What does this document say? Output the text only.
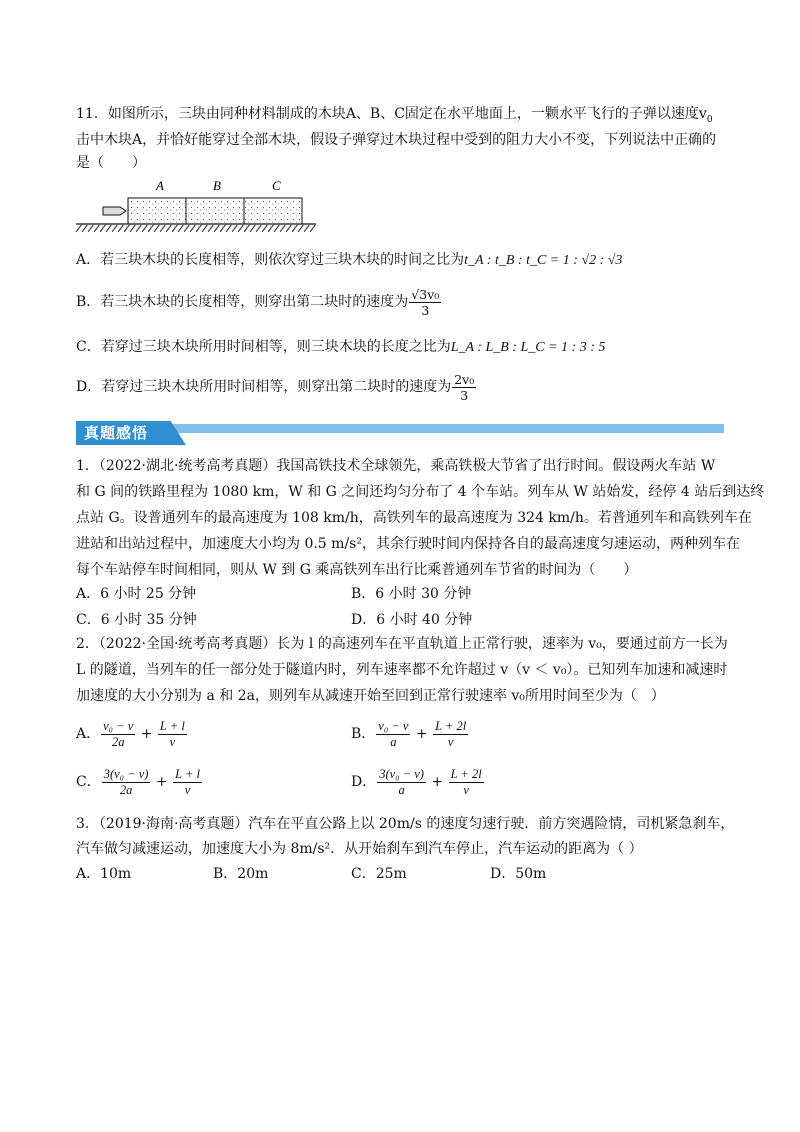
11．如图所示，三块由同种材料制成的木块A、B、C固定在水平地面上，一颗水平飞行的子弹以速度$v_0$
击中木块A，并恰好能穿过全部木块，假设子弹穿过木块过程中受到的阻力大小不变，下列说法中正确的
是（　　）
A	B	C
A．若三块木块的长度相等，则依次穿过三块木块的时间之比为t_A : t_B : t_C = 1 : √2 : √3
B．若三块木块的长度相等，则穿出第二块时的速度为 $\frac{\text{√3v₀}}{3}$
C．若穿过三块木块所用时间相等，则三块木块的长度之比为L_A : L_B : L_C = 1 : 3 : 5
D．若穿过三块木块所用时间相等，则穿出第二块时的速度为 $\frac{\text{2v₀}}{3}$
真题感悟
1．（2022·湖北·统考高考真题）我国高铁技术全球领先，乘高铁极大节省了出行时间。假设两火车站 W
和 G 间的铁路里程为 1080 km，W 和 G 之间还均匀分布了 4 个车站。列车从 W 站始发，经停 4 站后到达终
点站 G。设普通列车的最高速度为 108 km/h，高铁列车的最高速度为 324 km/h。若普通列车和高铁列车在
进站和出站过程中，加速度大小均为 0.5 m/s²，其余行驶时间内保持各自的最高速度匀速运动，两种列车在
每个车站停车时间相同，则从 W 到 G 乘高铁列车出行比乘普通列车节省的时间为（　　）
A．6 小时 25 分钟	B．6 小时 30 分钟
C．6 小时 35 分钟	D．6 小时 40 分钟
2．（2022·全国·统考高考真题）长为 l 的高速列车在平直轨道上正常行驶，速率为 v₀，要通过前方一长为
L 的隧道，当列车的任一部分处于隧道内时，列车速率都不允许超过 v（v ＜ v₀）。已知列车加速和减速时
加速度的大小分别为 a 和 2a，则列车从减速开始至回到正常行驶速率 v₀所用时间至少为（　）
A． $\frac{\text{v₀ − v}}{2a} + \frac{L + l}{v}$	B． $\frac{\text{v₀ − v}}{a} + \frac{L + 2l}{v}$
C． $\frac{\text{3(v₀ − v)}}{2a} + \frac{L + l}{v}$	D． $\frac{\text{3(v₀ − v)}}{a} + \frac{L + 2l}{v}$
3．（2019·海南·高考真题）汽车在平直公路上以 20m/s 的速度匀速行驶．前方突遇险情，司机紧急刹车，
汽车做匀减速运动，加速度大小为 8m/s²．从开始刹车到汽车停止，汽车运动的距离为（ ）
A．10m	B．20m	C．25m	D．50m
